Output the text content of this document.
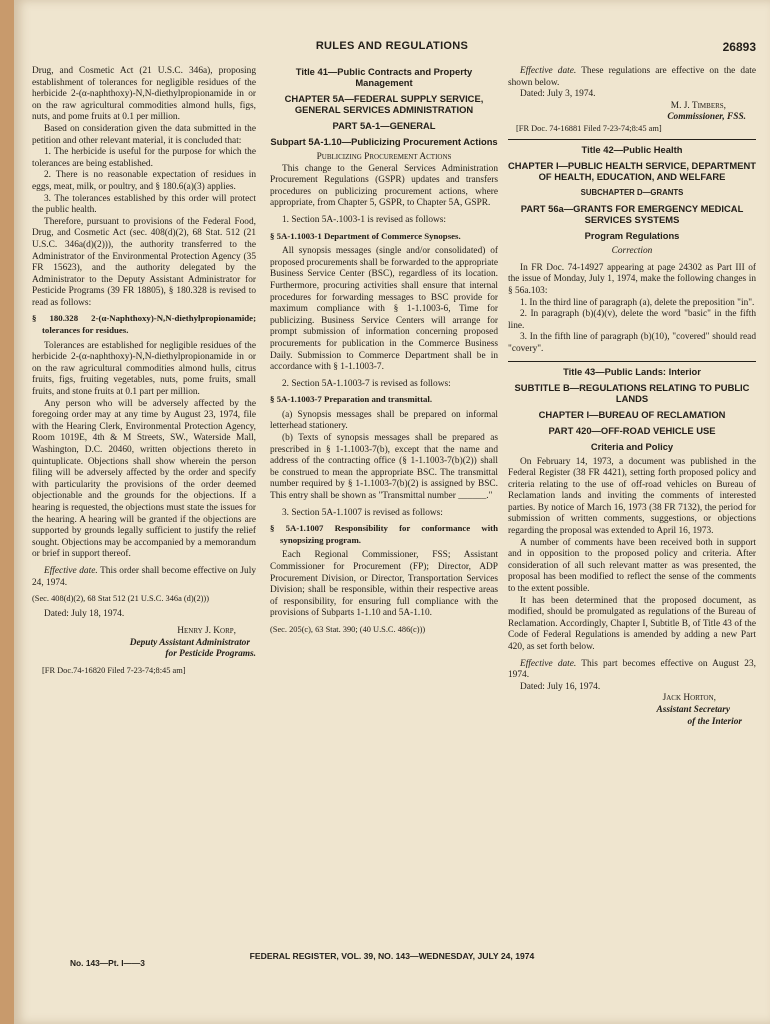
RULES AND REGULATIONS	26893

Drug, and Cosmetic Act (21 U.S.C. 346a), proposing establishment of tolerances for negligible residues of the herbicide 2-(α-naphthoxy)-N,N-diethylpropionamide in or on the raw agricultural commodities almond hulls, figs, nuts, and pome fruits at 0.1 per million.

Based on consideration given the data submitted in the petition and other relevant material, it is concluded that:

1. The herbicide is useful for the purpose for which the tolerances are being established.

2. There is no reasonable expectation of residues in eggs, meat, milk, or poultry, and § 180.6(a)(3) applies.

3. The tolerances established by this order will protect the public health.

Therefore, pursuant to provisions of the Federal Food, Drug, and Cosmetic Act (sec. 408(d)(2), 68 Stat. 512 (21 U.S.C. 346a(d)(2))), the authority transferred to the Administrator of the Environmental Protection Agency (35 FR 15623), and the authority delegated by the Administrator to the Deputy Assistant Administrator for Pesticide Programs (39 FR 18805), § 180.328 is revised to read as follows:

§ 180.328 2-(α-Naphthoxy)-N,N-diethylpropionamide; tolerances for residues.

Tolerances are established for negligible residues of the herbicide 2-(α-naphthoxy)-N,N-diethylpropionamide in or on the raw agricultural commodities almond hulls, citrus fruits, figs, fruiting vegetables, nuts, pome fruits, small fruits, and stone fruits at 0.1 part per million.

Any person who will be adversely affected by the foregoing order may at any time by August 23, 1974, file with the Hearing Clerk, Environmental Protection Agency, Room 1019E, 4th & M Streets, SW., Waterside Mall, Washington, D.C. 20460, written objections thereto in quintuplicate. Objections shall show wherein the person filing will be adversely affected by the order and specify with particularity the provisions of the order deemed objectionable and the grounds for the objections. If a hearing is requested, the objections must state the issues for the hearing. A hearing will be granted if the objections are supported by grounds legally sufficient to justify the relief sought. Objections may be accompanied by a memorandum or brief in support thereof.

Effective date. This order shall become effective on July 24, 1974.

(Sec. 408(d)(2), 68 Stat 512 (21 U.S.C. 346a (d)(2)))

Dated: July 18, 1974.

Henry J. Korp,

Deputy Assistant Administrator

for Pesticide Programs.

[FR Doc.74-16820 Filed 7-23-74;8:45 am]

Title 41—Public Contracts and Property Management

CHAPTER 5A—FEDERAL SUPPLY SERVICE, GENERAL SERVICES ADMINISTRATION

PART 5A-1—GENERAL

Subpart 5A-1.10—Publicizing Procurement Actions

Publicizing Procurement Actions

This change to the General Services Administration Procurement Regulations (GSPR) updates and transfers procedures on publicizing procurement actions, where appropriate, from Chapter 5, GSPR, to Chapter 5A, GSPR.

1. Section 5A-.1003-1 is revised as follows:

§ 5A-1.1003-1 Department of Commerce Synopses.

All synopsis messages (single and/or consolidated) of proposed procurements shall be forwarded to the appropriate Business Service Center (BSC), regardless of its location. Furthermore, procuring activities shall ensure that internal procedures for forwarding messages to BSC provide for maximum compliance with § 1-1.1003-6, Time for publicizing. Business Service Centers will arrange for prompt submission of information concerning proposed procurements for publication in the Commerce Business Daily. Submission to Commerce Department shall be in accordance with § 1-1.1003-7.

2. Section 5A-1.1003-7 is revised as follows:

§ 5A-1.1003-7 Preparation and transmittal.

(a) Synopsis messages shall be prepared on informal letterhead stationery.

(b) Texts of synopsis messages shall be prepared as prescribed in § 1-1.1003-7(b), except that the name and address of the contracting office (§ 1-1.1003-7(b)(2)) shall be construed to mean the appropriate BSC. The transmittal number required by § 1-1.1003-7(b)(2) is assigned by BSC. This entry shall be shown as "Transmittal number ______."

3. Section 5A-1.1007 is revised as follows:

§ 5A-1.1007 Responsibility for conformance with synopsizing program.

Each Regional Commissioner, FSS; Assistant Commissioner for Procurement (FP); Director, ADP Procurement Division, or Director, Transportation Services Division; shall be responsible, within their respective areas of responsibility, for ensuring full compliance with the provisions of Subparts 1-1.10 and 5A-1.10.

(Sec. 205(c), 63 Stat. 390; (40 U.S.C. 486(c)))

Effective date. These regulations are effective on the date shown below.

Dated: July 3, 1974.

M. J. Timbers,

Commissioner, FSS.

[FR Doc. 74-16881 Filed 7-23-74;8:45 am]

Title 42—Public Health

CHAPTER I—PUBLIC HEALTH SERVICE, DEPARTMENT OF HEALTH, EDUCATION, AND WELFARE

SUBCHAPTER D—GRANTS

PART 56a—GRANTS FOR EMERGENCY MEDICAL SERVICES SYSTEMS

Program Regulations

Correction

In FR Doc. 74-14927 appearing at page 24302 as Part III of the issue of Monday, July 1, 1974, make the following changes in § 56a.103:

1. In the third line of paragraph (a), delete the preposition "in".

2. In paragraph (b)(4)(v), delete the word "basic" in the fifth line.

3. In the fifth line of paragraph (b)(10), "covered" should read "covery".

Title 43—Public Lands: Interior

SUBTITLE B—REGULATIONS RELATING TO PUBLIC LANDS

CHAPTER I—BUREAU OF RECLAMATION

PART 420—OFF-ROAD VEHICLE USE

Criteria and Policy

On February 14, 1973, a document was published in the Federal Register (38 FR 4421), setting forth proposed policy and criteria relating to the use of off-road vehicles on Bureau of Reclamation lands and inviting the comments of interested parties. By notice of March 16, 1973 (38 FR 7132), the period for submission of written comments, suggestions, or objections regarding the proposal was extended to April 16, 1973.

A number of comments have been received both in support and in opposition to the proposed policy and criteria. After consideration of all such relevant matter as was presented, the proposal has been modified to reflect the sense of the comments to the extent possible.

It has been determined that the proposed document, as modified, should be promulgated as regulations of the Bureau of Reclamation. Accordingly, Chapter I, Subtitle B, of Title 43 of the Code of Federal Regulations is amended by adding a new Part 420, as set forth below.

Effective date. This part becomes effective on August 23, 1974.

Dated: July 16, 1974.

Jack Horton,

Assistant Secretary

of the Interior

FEDERAL REGISTER, VOL. 39, NO. 143—WEDNESDAY, JULY 24, 1974
No. 143—Pt. I——3
